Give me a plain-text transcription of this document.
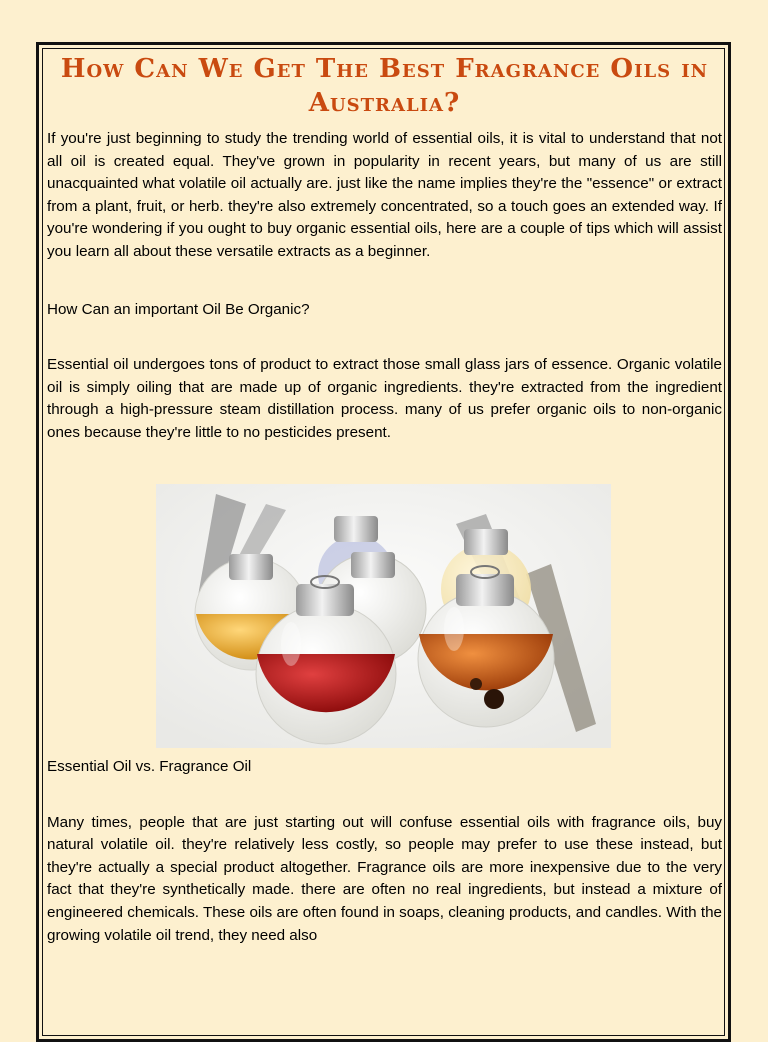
How Can We Get The Best Fragrance Oils in Australia?

If you're just beginning to study the trending world of essential oils, it is vital to understand that not all oil is created equal. They've grown in popularity in recent years, but many of us are still unacquainted what volatile oil actually are. just like the name implies they're the "essence" or extract from a plant, fruit, or herb. they're also extremely concentrated, so a touch goes an extended way. If you're wondering if you ought to buy organic essential oils, here are a couple of tips which will assist you learn all about these versatile extracts as a beginner.

How Can an important Oil Be Organic?

Essential oil undergoes tons of product to extract those small glass jars of essence. Organic volatile oil is simply oiling that are made up of organic ingredients. they're extracted from the ingredient through a high-pressure steam distillation process. many of us prefer organic oils to non-organic ones because they're little to no pesticides present.

Essential Oil vs. Fragrance Oil

Many times, people that are just starting out will confuse essential oils with fragrance oils, buy natural volatile oil. they're relatively less costly, so people may prefer to use these instead, but they're actually a special product altogether. Fragrance oils are more inexpensive due to the very fact that they're synthetically made. there are often no real ingredients, but instead a mixture of engineered chemicals. These oils are often found in soaps, cleaning products, and candles. With the growing volatile oil trend, they need also
